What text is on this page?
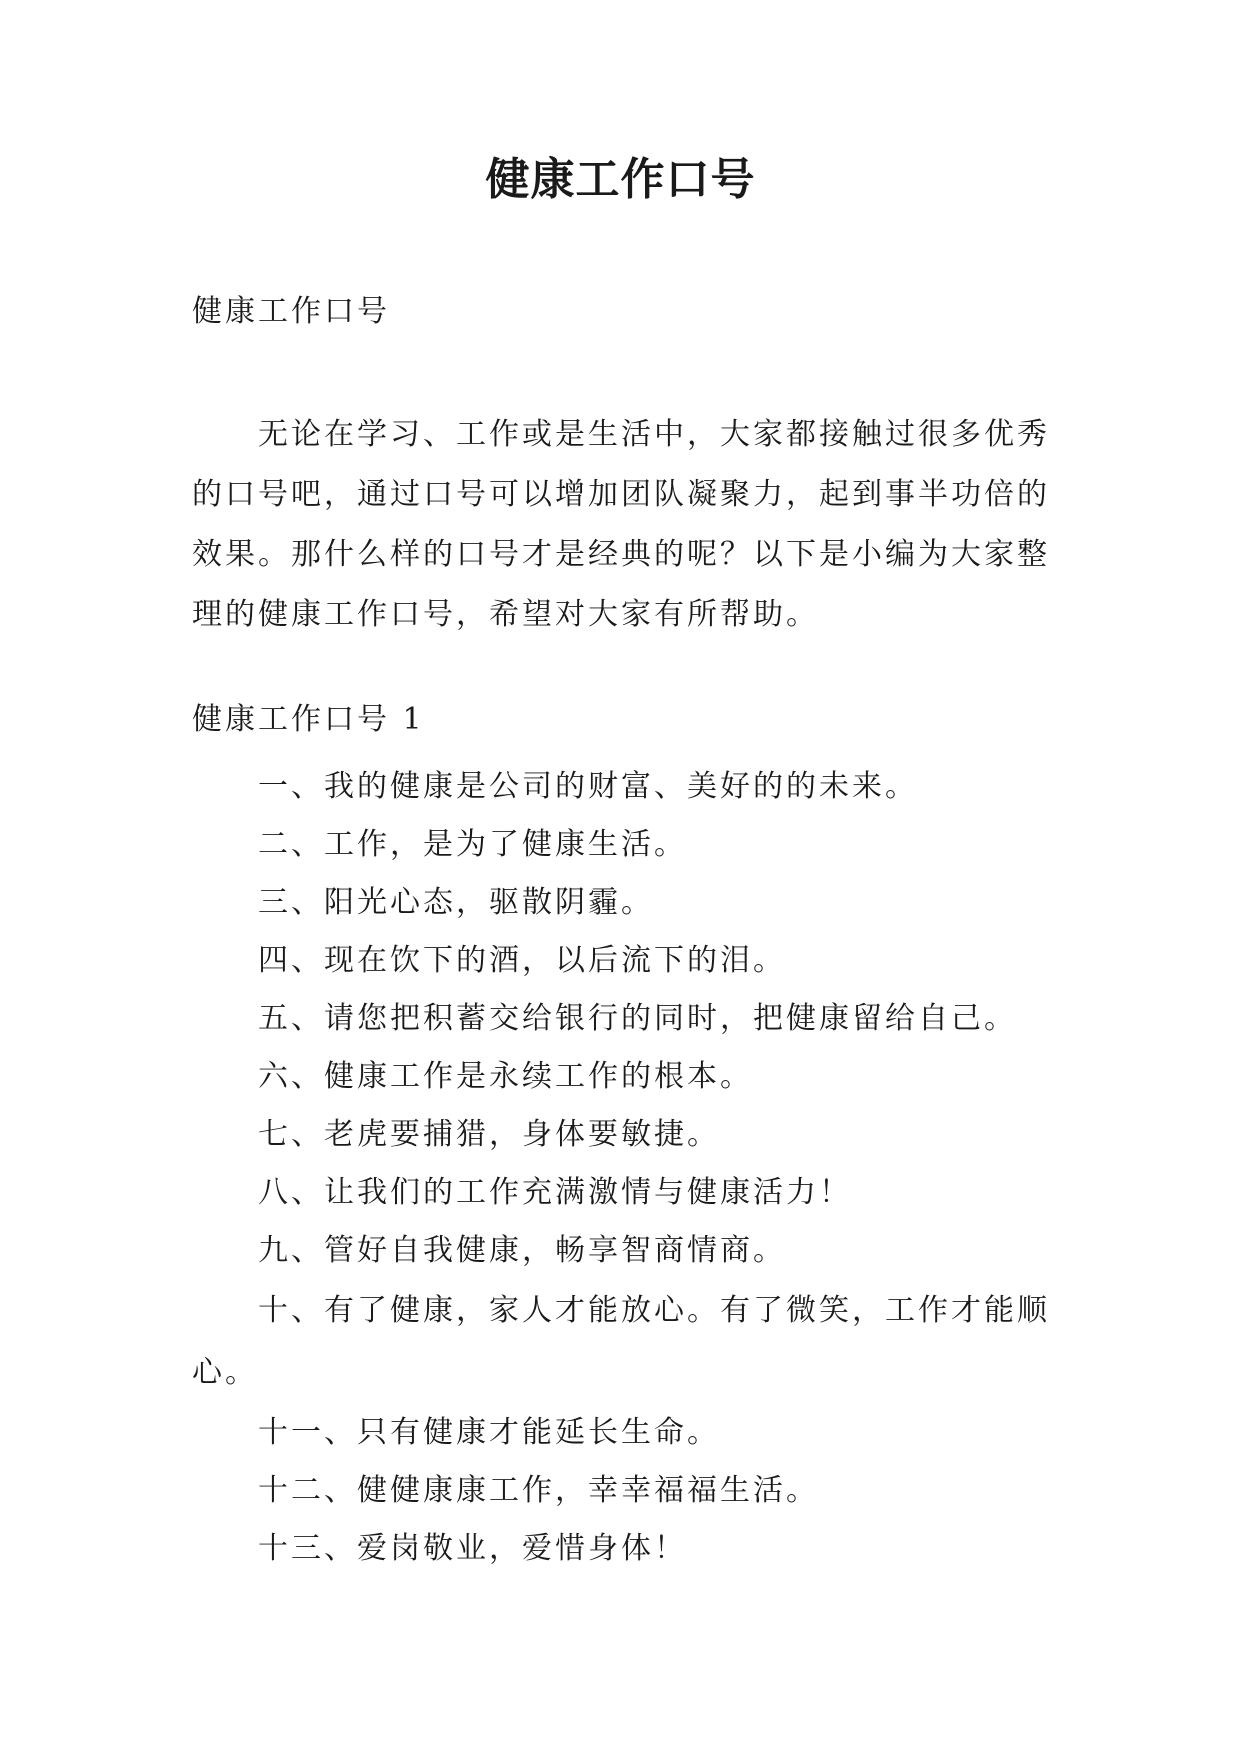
健康工作口号
健康工作口号
无论在学习、工作或是生活中，大家都接触过很多优秀的口号吧，通过口号可以增加团队凝聚力，起到事半功倍的效果。那什么样的口号才是经典的呢？以下是小编为大家整理的健康工作口号，希望对大家有所帮助。
健康工作口号 1
一、我的健康是公司的财富、美好的的未来。
二、工作，是为了健康生活。
三、阳光心态，驱散阴霾。
四、现在饮下的酒，以后流下的泪。
五、请您把积蓄交给银行的同时，把健康留给自己。
六、健康工作是永续工作的根本。
七、老虎要捕猎，身体要敏捷。
八、让我们的工作充满激情与健康活力！
九、管好自我健康，畅享智商情商。
十、有了健康，家人才能放心。有了微笑，工作才能顺心。
十一、只有健康才能延长生命。
十二、健健康康工作，幸幸福福生活。
十三、爱岗敬业，爱惜身体！
